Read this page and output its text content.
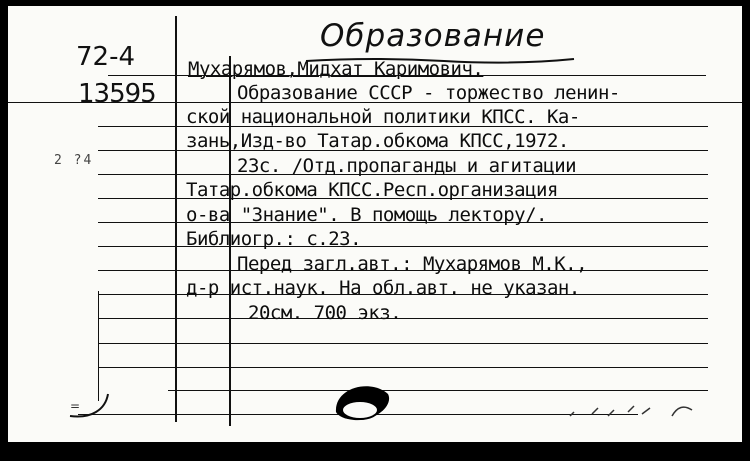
Образование
72-4
13595
2 ?4
Мухарямов,Мидхат Каримович.
Образование СССР - торжество ленин-
ской национальной политики КПСС. Ка-
зань,Изд-во Татар.обкома КПСС,1972.
23с. /Отд.пропаганды и агитации
Татар.обкома КПСС.Респ.организация
о-ва "Знание". В помощь лектору/.
Библиогр.: с.23.
Перед загл.авт.: Мухарямов М.К.,
д-р ист.наук. На обл.авт. не указан.
20см. 700 экз.
=
